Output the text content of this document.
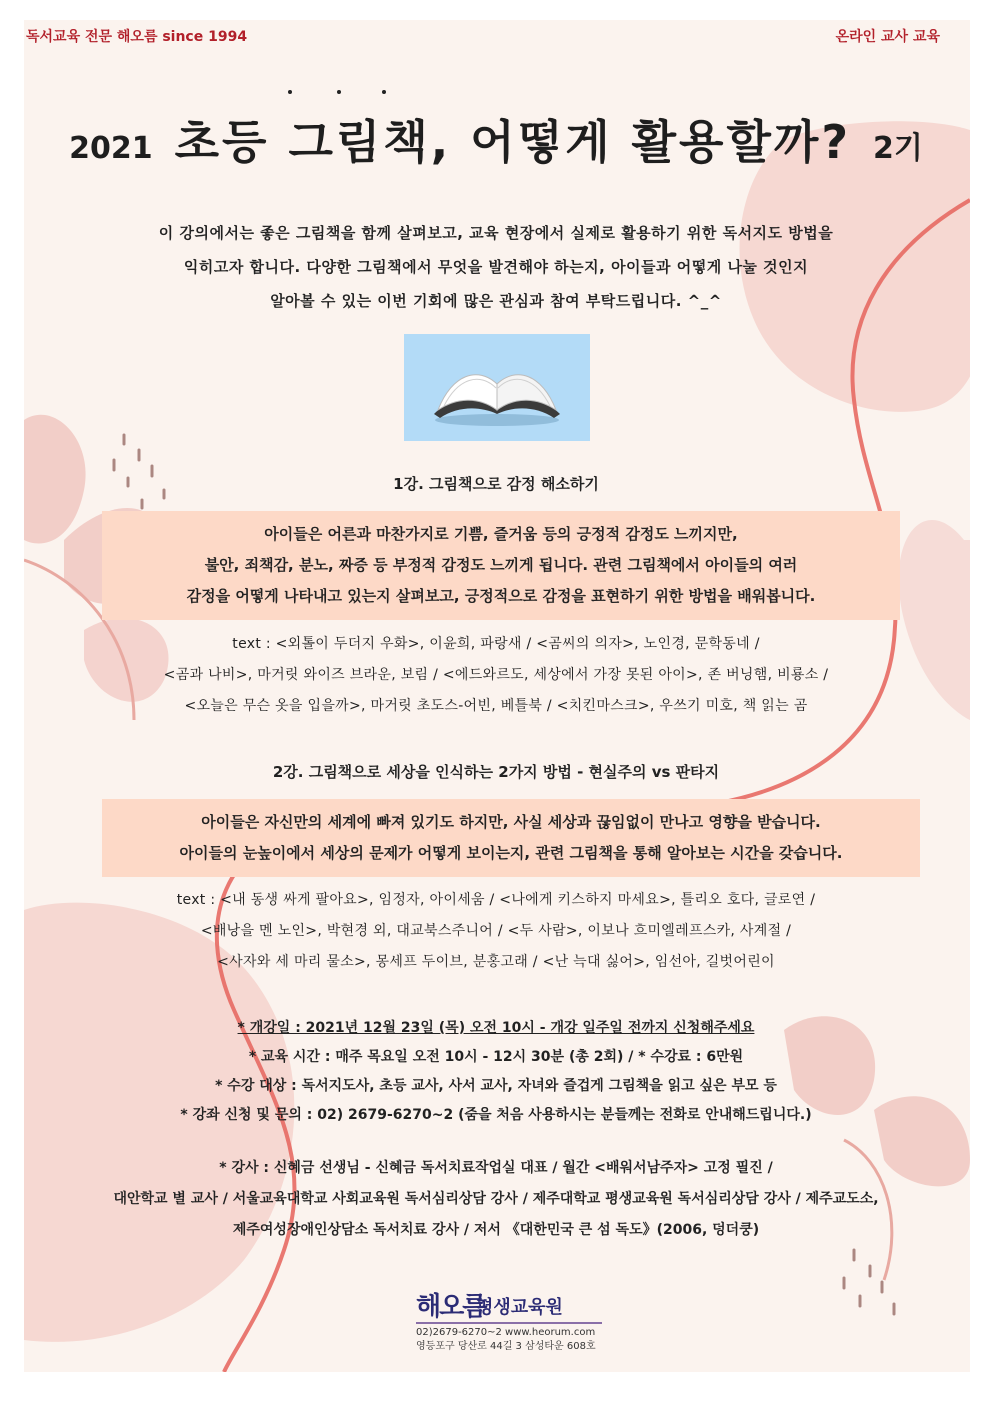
독서교육 전문 해오름 since 1994	온라인 교사 교육
2021 초등 그림책, 어떻게 활용할까? 2기
이 강의에서는 좋은 그림책을 함께 살펴보고, 교육 현장에서 실제로 활용하기 위한 독서지도 방법을
익히고자 합니다. 다양한 그림책에서 무엇을 발견해야 하는지, 아이들과 어떻게 나눌 것인지
알아볼 수 있는 이번 기회에 많은 관심과 참여 부탁드립니다. ^_^
1강. 그림책으로 감정 해소하기
아이들은 어른과 마찬가지로 기쁨, 즐거움 등의 긍정적 감정도 느끼지만,
불안, 죄책감, 분노, 짜증 등 부정적 감정도 느끼게 됩니다. 관련 그림책에서 아이들의 여러
감정을 어떻게 나타내고 있는지 살펴보고, 긍정적으로 감정을 표현하기 위한 방법을 배워봅니다.
text : <외톨이 두더지 우화>, 이윤희, 파랑새 / <곰씨의 의자>, 노인경, 문학동네 /
<곰과 나비>, 마거릿 와이즈 브라운, 보림 / <에드와르도, 세상에서 가장 못된 아이>, 존 버닝햄, 비룡소 /
<오늘은 무슨 옷을 입을까>, 마거릿 초도스-어빈, 베틀북 / <치킨마스크>, 우쓰기 미호, 책 읽는 곰
2강. 그림책으로 세상을 인식하는 2가지 방법 - 현실주의 vs 판타지
아이들은 자신만의 세계에 빠져 있기도 하지만, 사실 세상과 끊임없이 만나고 영향을 받습니다.
아이들의 눈높이에서 세상의 문제가 어떻게 보이는지, 관련 그림책을 통해 알아보는 시간을 갖습니다.
text : <내 동생 싸게 팔아요>, 임정자, 아이세움 / <나에게 키스하지 마세요>, 틀리오 호다, 글로연 /
<배낭을 멘 노인>, 박현경 외, 대교북스주니어 / <두 사람>, 이보나 흐미엘레프스카, 사계절 /
<사자와 세 마리 물소>, 몽세프 두이브, 분홍고래 / <난 늑대 싫어>, 임선아, 길벗어린이
* 개강일 : 2021년 12월 23일 (목) 오전 10시 - 개강 일주일 전까지 신청해주세요
* 교육 시간 : 매주 목요일 오전 10시 - 12시 30분 (총 2회) / * 수강료 : 6만원
* 수강 대상 : 독서지도사, 초등 교사, 사서 교사, 자녀와 즐겁게 그림책을 읽고 싶은 부모 등
* 강좌 신청 및 문의 : 02) 2679-6270~2 (줌을 처음 사용하시는 분들께는 전화로 안내해드립니다.)
* 강사 : 신혜금 선생님 - 신혜금 독서치료작업실 대표 / 월간 <배워서남주자> 고정 필진 /
대안학교 별 교사 / 서울교육대학교 사회교육원 독서심리상담 강사 / 제주대학교 평생교육원 독서심리상담 강사 / 제주교도소,
제주여성장애인상담소 독서치료 강사 / 저서 《대한민국 큰 섬 독도》(2006, 덩더쿵)
해오름
평생교육원
02)2679-6270~2 www.heorum.com
영등포구 당산로 44길 3 삼성타운 608호
